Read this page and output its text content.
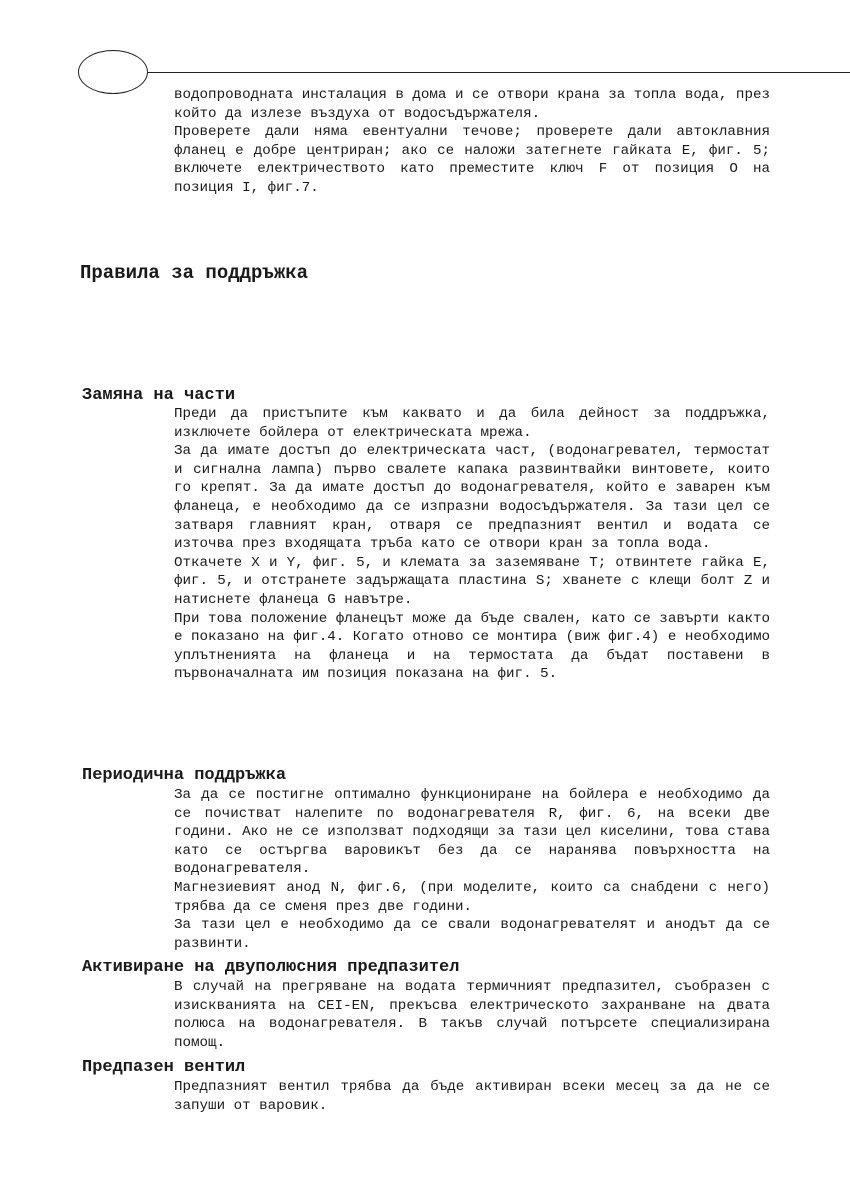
водопроводната инсталация в дома и се отвори крана за топла вода, през който да излезе въздуха от водосъдържателя.

Проверете дали няма евентуални течове; проверете дали автоклавния фланец е добре центриран; ако се наложи затегнете гайката E, фиг. 5; включете електричеството като преместите ключ F от позиция O на позиция I, фиг.7.

Правила за поддръжка
Замяна на части

Преди да пристъпите към каквато и да била дейност за поддръжка, изключете бойлера от електрическата мрежа.

За да имате достъп до електрическата част, (водонагревател, термостат и сигнална лампа) първо свалете капака развинтвайки винтовете, които го крепят. За да имате достъп до водонагревателя, който е заварен към фланеца, е необходимо да се изпразни водосъдържателя. За тази цел се затваря главният кран, отваря се предпазният вентил и водата се източва през входящата тръба като се отвори кран за топла вода.

Откачете X и Y, фиг. 5, и клемата за заземяване T; отвинтете гайка E, фиг. 5, и отстранете задържащата пластина S; хванете с клещи болт Z и натиснете фланеца G навътре.

При това положение фланецът може да бъде свален, като се завърти както е показано на фиг.4. Когато отново се монтира (виж фиг.4) е необходимо уплътненията на фланеца и на термостата да бъдат поставени в първоначалната им позиция показана на фиг. 5.

Периодична поддръжка

За да се постигне оптимално функциониране на бойлера е необходимо да се почистват налепите по водонагревателя R, фиг. 6, на всеки две години. Ако не се използват подходящи за тази цел киселини, това става като се остъргва варовикът без да се наранява повърхността на водонагревателя.

Магнезиевият анод N, фиг.6, (при моделите, които са снабдени с него) трябва да се сменя през две години.

За тази цел е необходимо да се свали водонагревателят и анодът да се развинти.

Активиране на двуполюсния предпазител

В случай на прегряване на водата термичният предпазител, съобразен с изискванията на CEI-EN, прекъсва електрическото захранване на двата полюса на водонагревателя. В такъв случай потърсете специализирана помощ.

Предпазен вентил

Предпазният вентил трябва да бъде активиран всеки месец за да не се запуши от варовик.
